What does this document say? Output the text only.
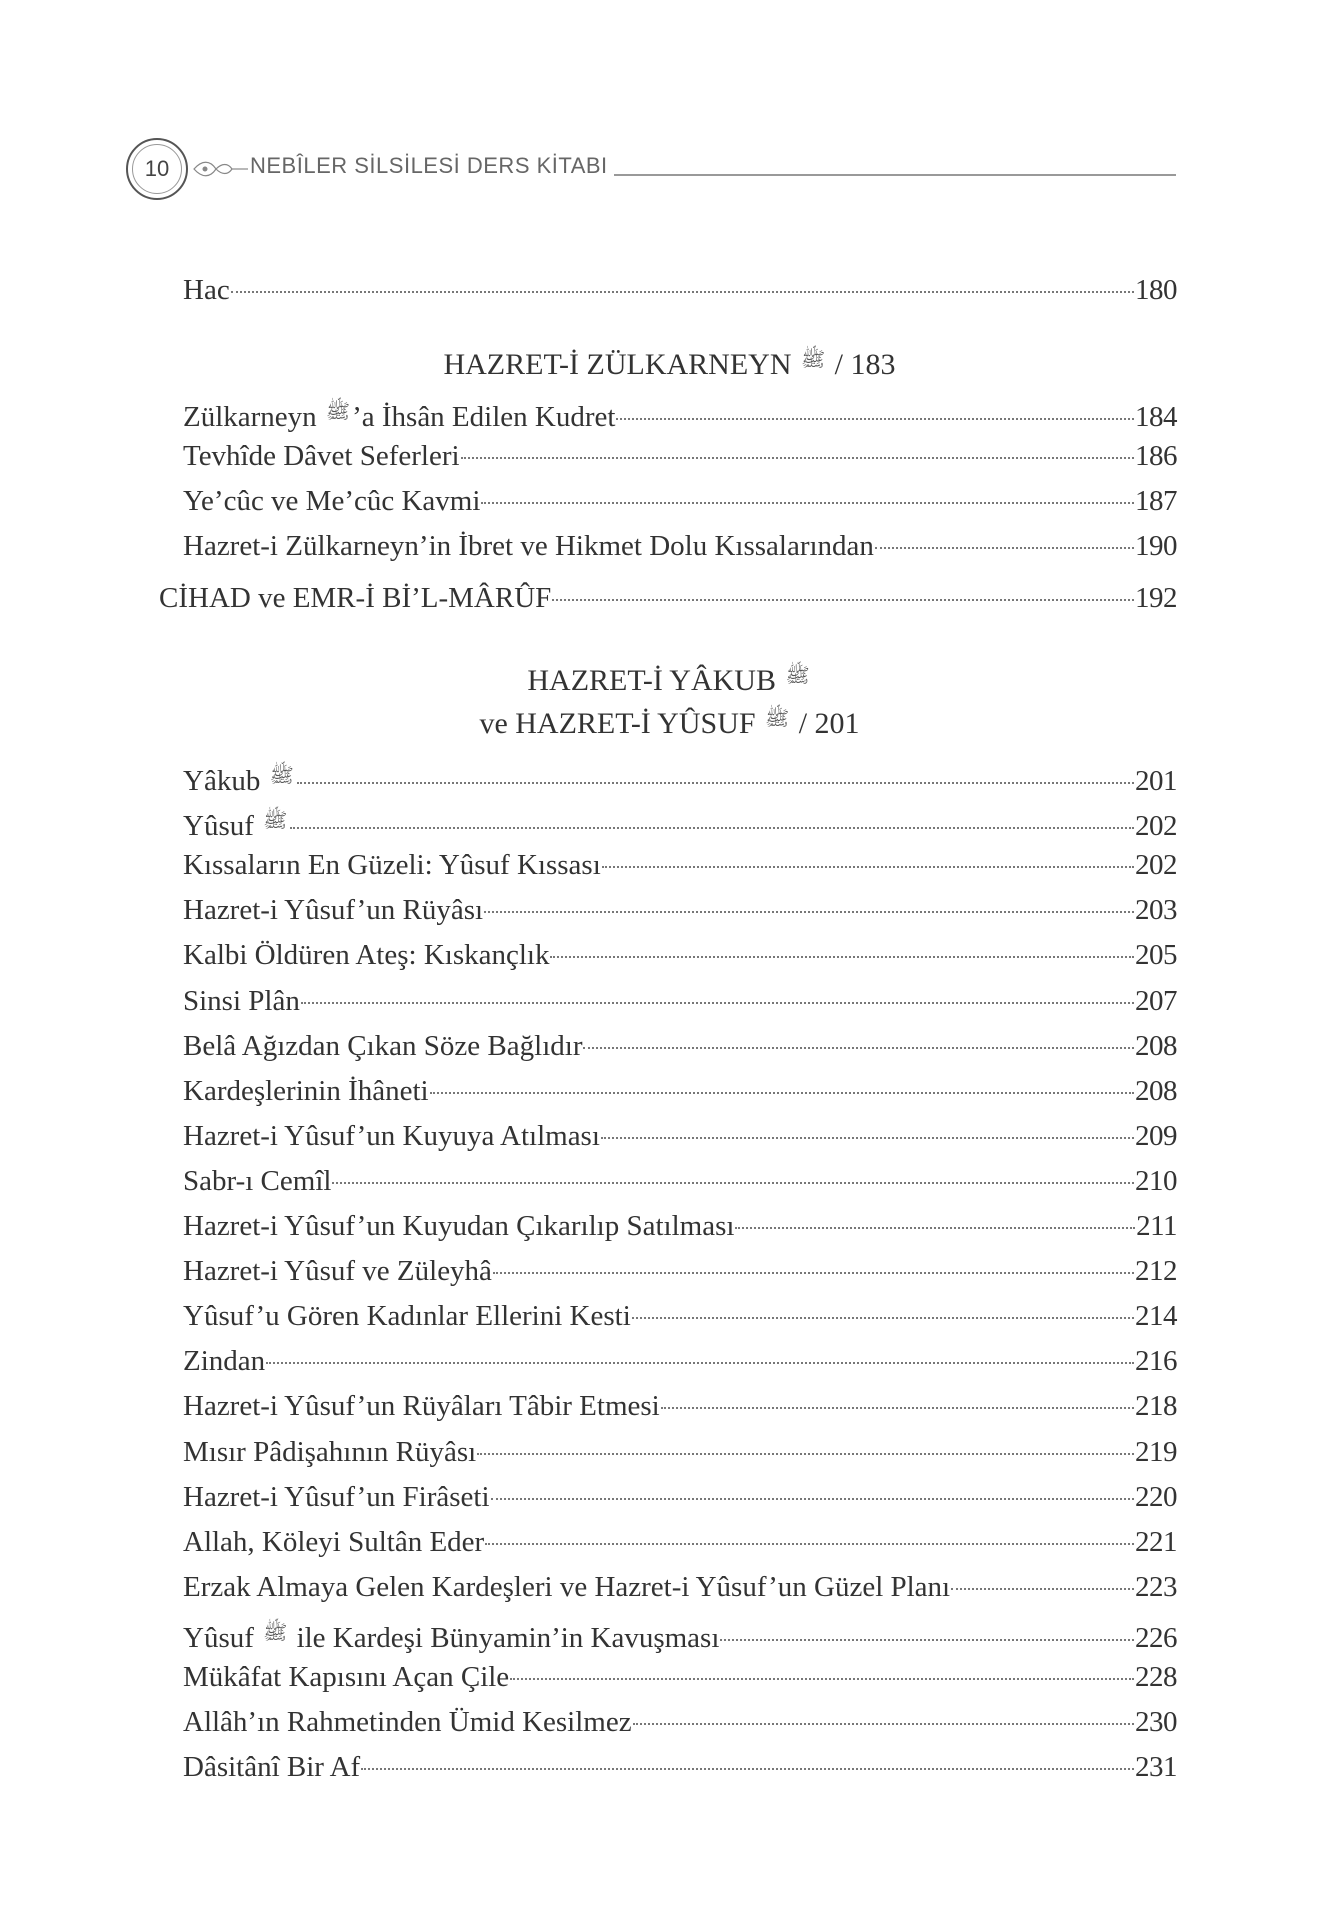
10	NEBÎLER SİLSİLESİ DERS KİTABI
Hac	180
HAZRET-İ ZÜLKARNEYN ﷺ / 183
Zülkarneyn ﷺ’a İhsân Edilen Kudret	184
Tevhîde Dâvet Seferleri	186
Ye’cûc ve Me’cûc Kavmi	187
Hazret-i Zülkarneyn’in İbret ve Hikmet Dolu Kıssalarından	190
CİHAD ve EMR-İ Bİ’L-MÂRÛF	192
HAZRET-İ YÂKUB ﷺ
ve HAZRET-İ YÛSUF ﷺ / 201
Yâkub ﷺ	201
Yûsuf ﷺ	202
Kıssaların En Güzeli: Yûsuf Kıssası	202
Hazret-i Yûsuf’un Rüyâsı	203
Kalbi Öldüren Ateş: Kıskançlık	205
Sinsi Plân	207
Belâ Ağızdan Çıkan Söze Bağlıdır	208
Kardeşlerinin İhâneti	208
Hazret-i Yûsuf’un Kuyuya Atılması	209
Sabr-ı Cemîl	210
Hazret-i Yûsuf’un Kuyudan Çıkarılıp Satılması	211
Hazret-i Yûsuf ve Züleyhâ	212
Yûsuf’u Gören Kadınlar Ellerini Kesti	214
Zindan	216
Hazret-i Yûsuf’un Rüyâları Tâbir Etmesi	218
Mısır Pâdişahının Rüyâsı	219
Hazret-i Yûsuf’un Firâseti	220
Allah, Köleyi Sultân Eder	221
Erzak Almaya Gelen Kardeşleri ve Hazret-i Yûsuf’un Güzel Planı	223
Yûsuf ﷺ ile Kardeşi Bünyamin’in Kavuşması	226
Mükâfat Kapısını Açan Çile	228
Allâh’ın Rahmetinden Ümid Kesilmez	230
Dâsitânî Bir Af	231
